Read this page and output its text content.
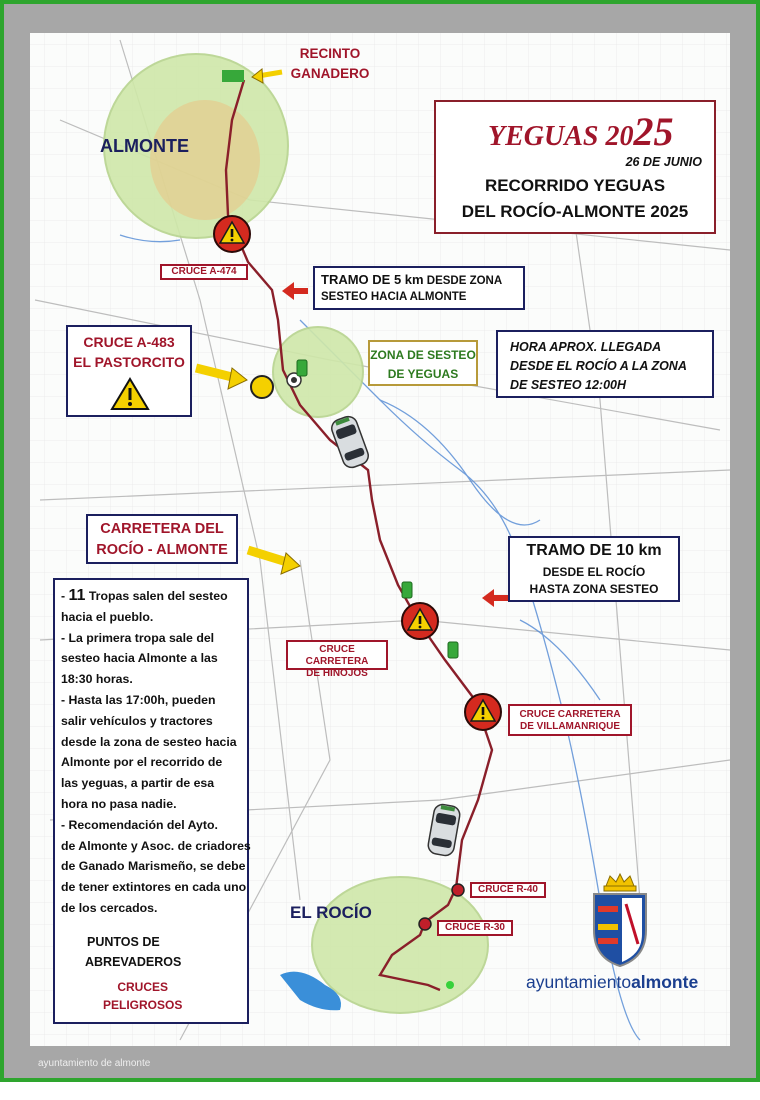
RECINTO
GANADERO
ALMONTE	YEGUAS 2025
26 DE JUNIO
RECORRIDO YEGUAS
DEL ROCÍO-ALMONTE 2025
CRUCE A-474
TRAMO DE 5 km DESDE ZONA
SESTEO HACIA ALMONTE
CRUCE A-483
EL PASTORCITO	ZONA DE SESTEO
DE YEGUAS
HORA APROX. LLEGADA
DESDE EL ROCÍO A LA ZONA
DE SESTEO 12:00H
CARRETERA DEL
ROCÍO - ALMONTE	TRAMO DE 10 km
DESDE EL ROCÍO
HASTA ZONA SESTEO
- 11 Tropas salen del sesteo
hacia el pueblo.
- La primera tropa sale del
sesteo hacia Almonte a las
18:30 horas.
- Hasta las 17:00h, pueden
salir vehículos y tractores
desde la zona de sesteo hacia
Almonte por el recorrido de
las yeguas, a partir de esa
hora no pasa nadie.
- Recomendación del Ayto.
de Almonte y Asoc. de criadores
de Ganado Marismeño, se debe
de tener extintores en cada uno
de los cercados.
PUNTOS DE
ABREVADEROS
CRUCES
PELIGROSOS
CRUCE CARRETERA
DE HINOJOS
CRUCE CARRETERA
DE VILLAMANRIQUE
CRUCE R-40
CRUCE R-30
EL ROCÍO
ayuntamientoalmonte
ayuntamiento de almonte
